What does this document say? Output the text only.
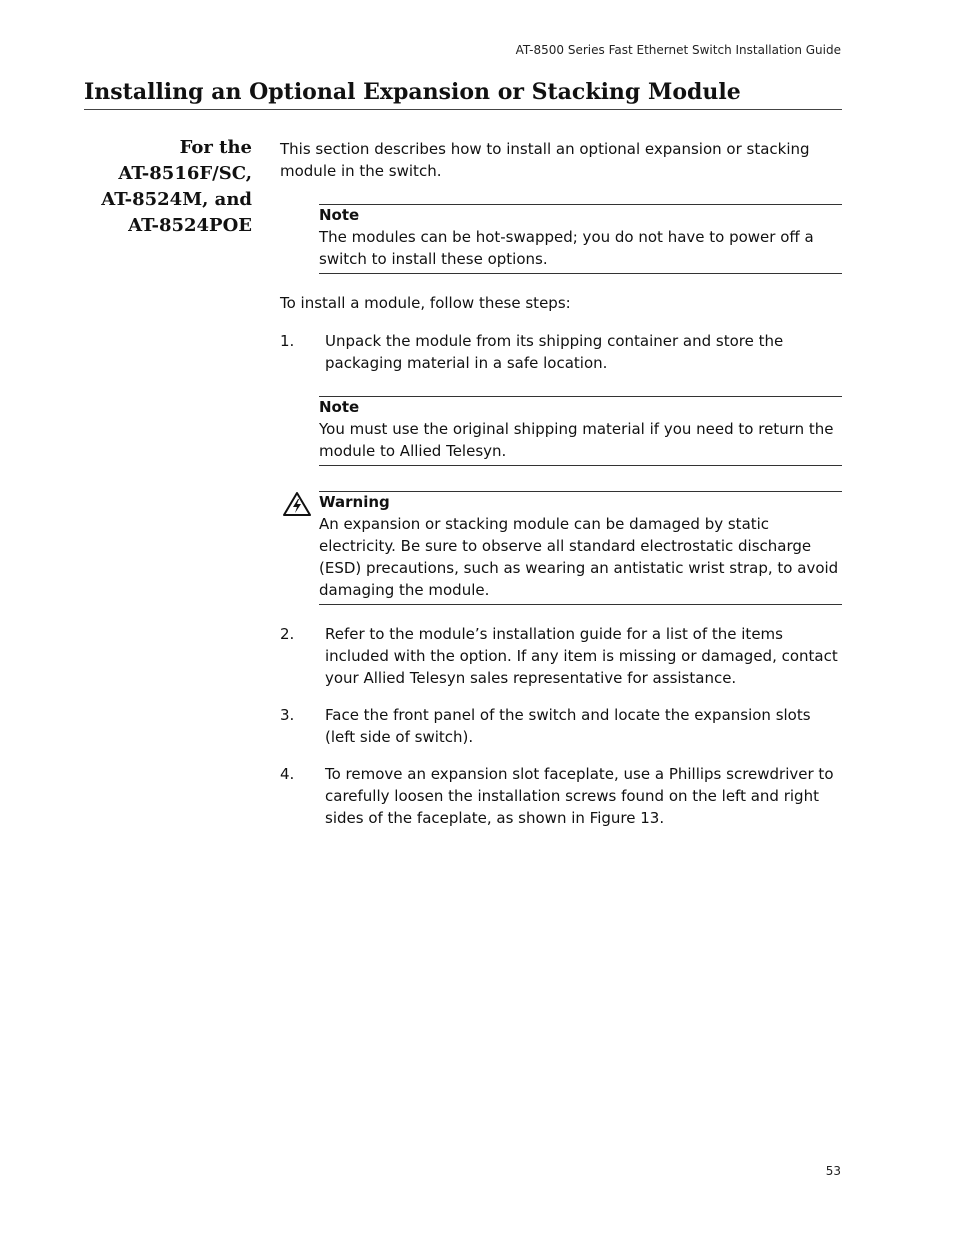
AT-8500 Series Fast Ethernet Switch Installation Guide
Installing an Optional Expansion or Stacking Module
For the
AT-8516F/SC,
AT-8524M, and
AT-8524POE

This section describes how to install an optional expansion or stacking module in the switch.

Note
The modules can be hot-swapped; you do not have to power off a switch to install these options.

To install a module, follow these steps:

1. Unpack the module from its shipping container and store the packaging material in a safe location.
Note
You must use the original shipping material if you need to return the module to Allied Telesyn.
Warning
An expansion or stacking module can be damaged by static electricity. Be sure to observe all standard electrostatic discharge (ESD) precautions, such as wearing an antistatic wrist strap, to avoid damaging the module.
2. Refer to the module’s installation guide for a list of the items included with the option. If any item is missing or damaged, contact your Allied Telesyn sales representative for assistance.
3. Face the front panel of the switch and locate the expansion slots (left side of switch).
4. To remove an expansion slot faceplate, use a Phillips screwdriver to carefully loosen the installation screws found on the left and right sides of the faceplate, as shown in Figure 13.
53
